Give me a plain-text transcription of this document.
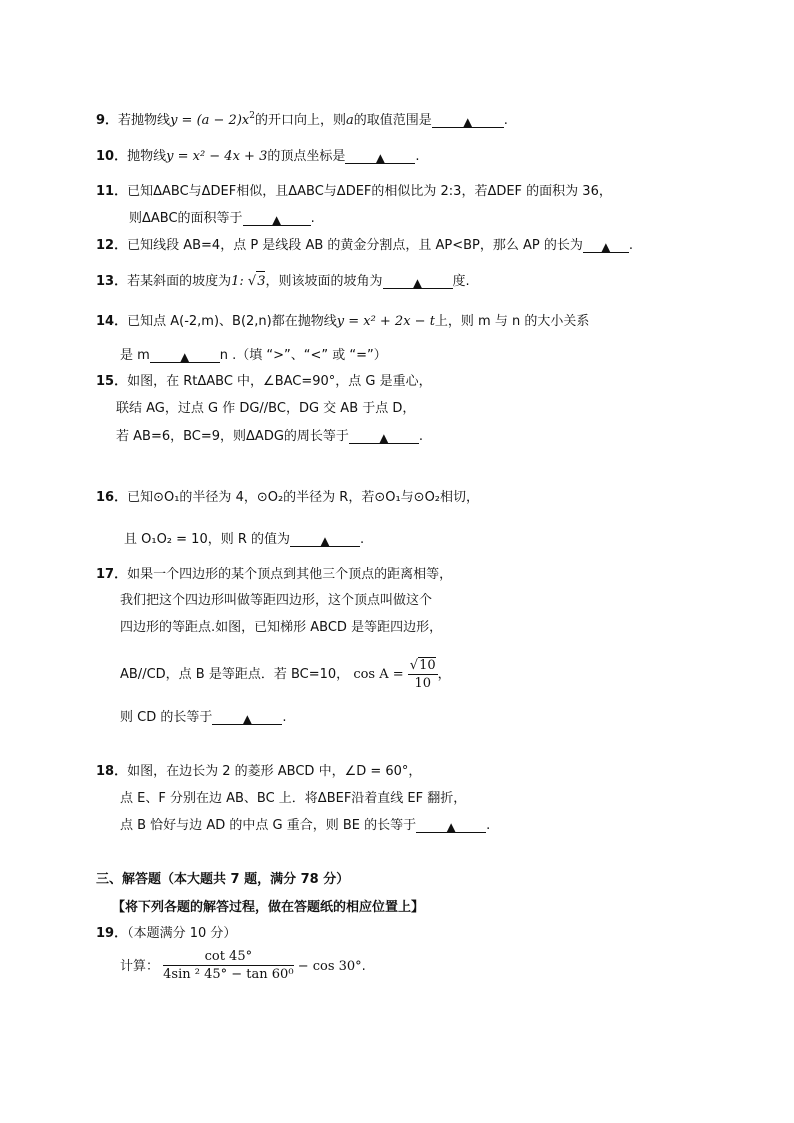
9．若抛物线$y = (a - 2)x^2$的开口向上，则a的取值范围是	▲ .
10．抛物线y = x² − 4x + 3的顶点坐标是	▲ .
11．已知ΔABC与ΔDEF相似，且ΔABC与ΔDEF的相似比为 2:3，若ΔDEF 的面积为 36，
则ΔABC的面积等于 ▲ .
12．已知线段 AB=4，点 P 是线段 AB 的黄金分割点，且 AP<BP，那么 AP 的长为 ▲ .
13．若某斜面的坡度为1: √3，则该坡面的坡角为	▲ 度.
14．已知点 A(-2,m)、B(2,n)都在抛物线y = x² + 2x − t上，则 m 与 n 的大小关系
是 m	▲ n .（填 “>”、“<” 或 “=”）
15．如图，在 RtΔABC 中，∠BAC=90°，点 G 是重心，
联结 AG，过点 G 作 DG//BC，DG 交 AB 于点 D，
若 AB=6，BC=9，则ΔADG的周长等于	▲ .
16．已知⊙O₁的半径为 4，⊙O₂的半径为 R，若⊙O₁与⊙O₂相切，
且 O₁O₂ = 10，则 R 的值为	▲ .
17．如果一个四边形的某个顶点到其他三个顶点的距离相等，
我们把这个四边形叫做等距四边形，这个顶点叫做这个
四边形的等距点.如图，已知梯形 ABCD 是等距四边形，
AB//CD，点 B 是等距点．若 BC=10， $\cos A = \frac{√10}{10}$ ，
则 CD 的长等于	▲ .
18．如图，在边长为 2 的菱形 ABCD 中，∠D = 60°，
点 E、F 分别在边 AB、BC 上．将ΔBEF沿着直线 EF 翻折，
点 B 恰好与边 AD 的中点 G 重合，则 BE 的长等于	▲ .
三、解答题（本大题共 7 题，满分 78 分）
【将下列各题的解答过程，做在答题纸的相应位置上】
19．（本题满分 10 分）
计算： $\frac{\cot 45^\circ}{\text{4sin ² 45° − tan 60⁰}} - \cos 30^\circ$.
